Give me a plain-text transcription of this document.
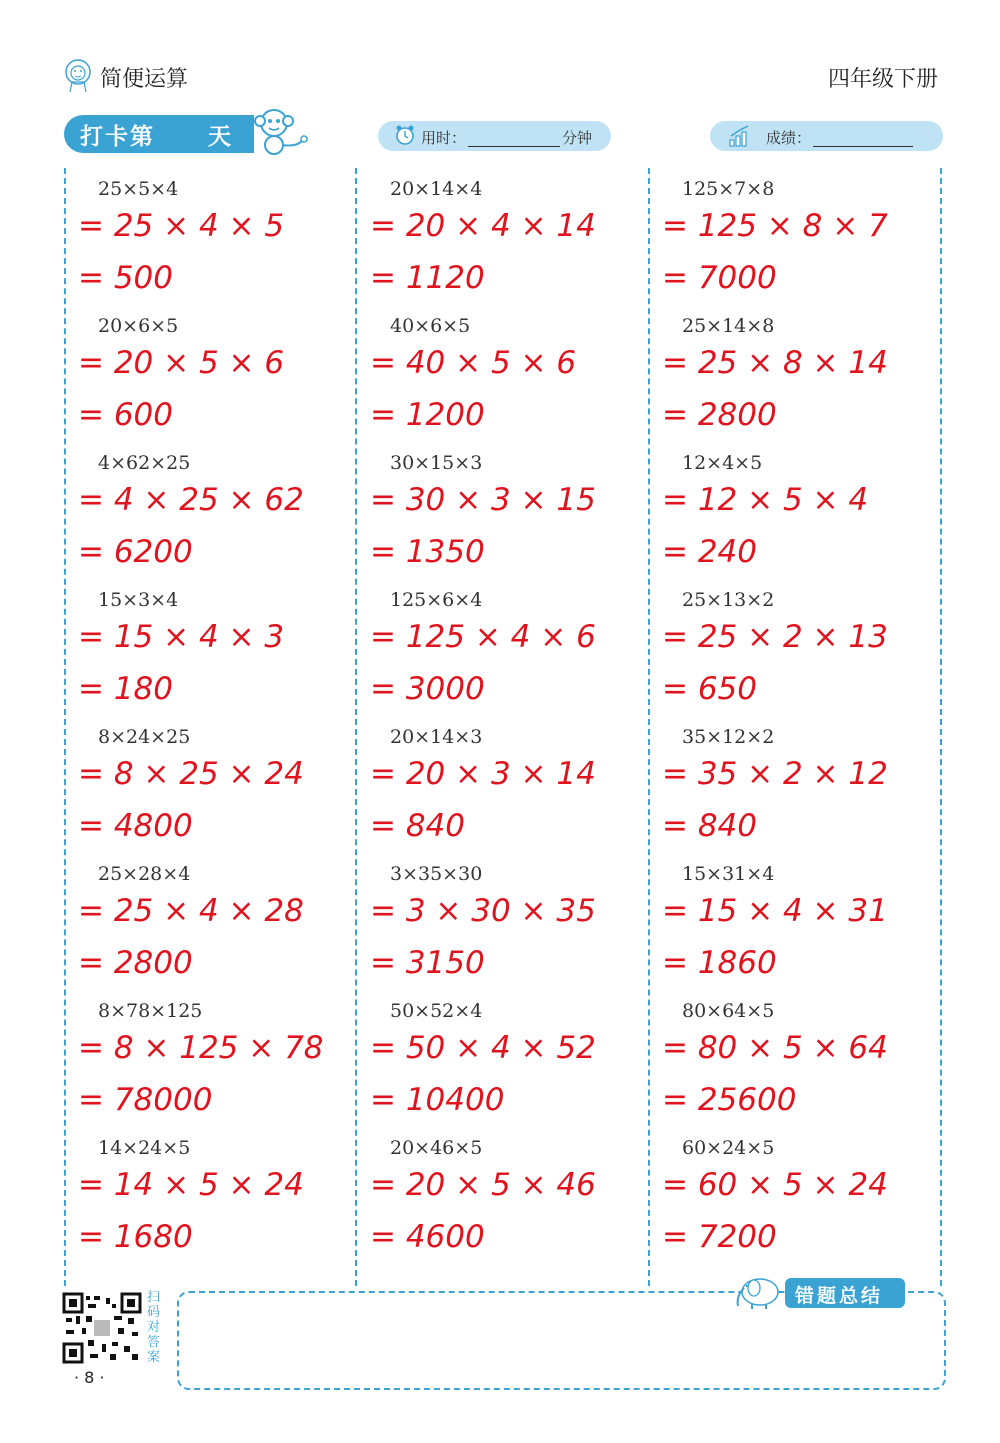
简便运算	四年级下册
打卡第 天	用时：	分钟	成绩：
25×5×4
= 25 × 4 × 5
= 500
20×6×5
= 20 × 5 × 6
= 600
4×62×25
= 4 × 25 × 62
= 6200
15×3×4
= 15 × 4 × 3
= 180
8×24×25
= 8 × 25 × 24
= 4800
25×28×4
= 25 × 4 × 28
= 2800
8×78×125
= 8 × 125 × 78
= 78000
14×24×5
= 14 × 5 × 24
= 1680
20×14×4
= 20 × 4 × 14
= 1120
40×6×5
= 40 × 5 × 6
= 1200
30×15×3
= 30 × 3 × 15
= 1350
125×6×4
= 125 × 4 × 6
= 3000
20×14×3
= 20 × 3 × 14
= 840
3×35×30
= 3 × 30 × 35
= 3150
50×52×4
= 50 × 4 × 52
= 10400
20×46×5
= 20 × 5 × 46
= 4600
125×7×8
= 125 × 8 × 7
= 7000
25×14×8
= 25 × 8 × 14
= 2800
12×4×5
= 12 × 5 × 4
= 240
25×13×2
= 25 × 2 × 13
= 650
35×12×2
= 35 × 2 × 12
= 840
15×31×4
= 15 × 4 × 31
= 1860
80×64×5
= 80 × 5 × 64
= 25600
60×24×5
= 60 × 5 × 24
= 7200
扫码对答案
· 8 ·
错题总结
